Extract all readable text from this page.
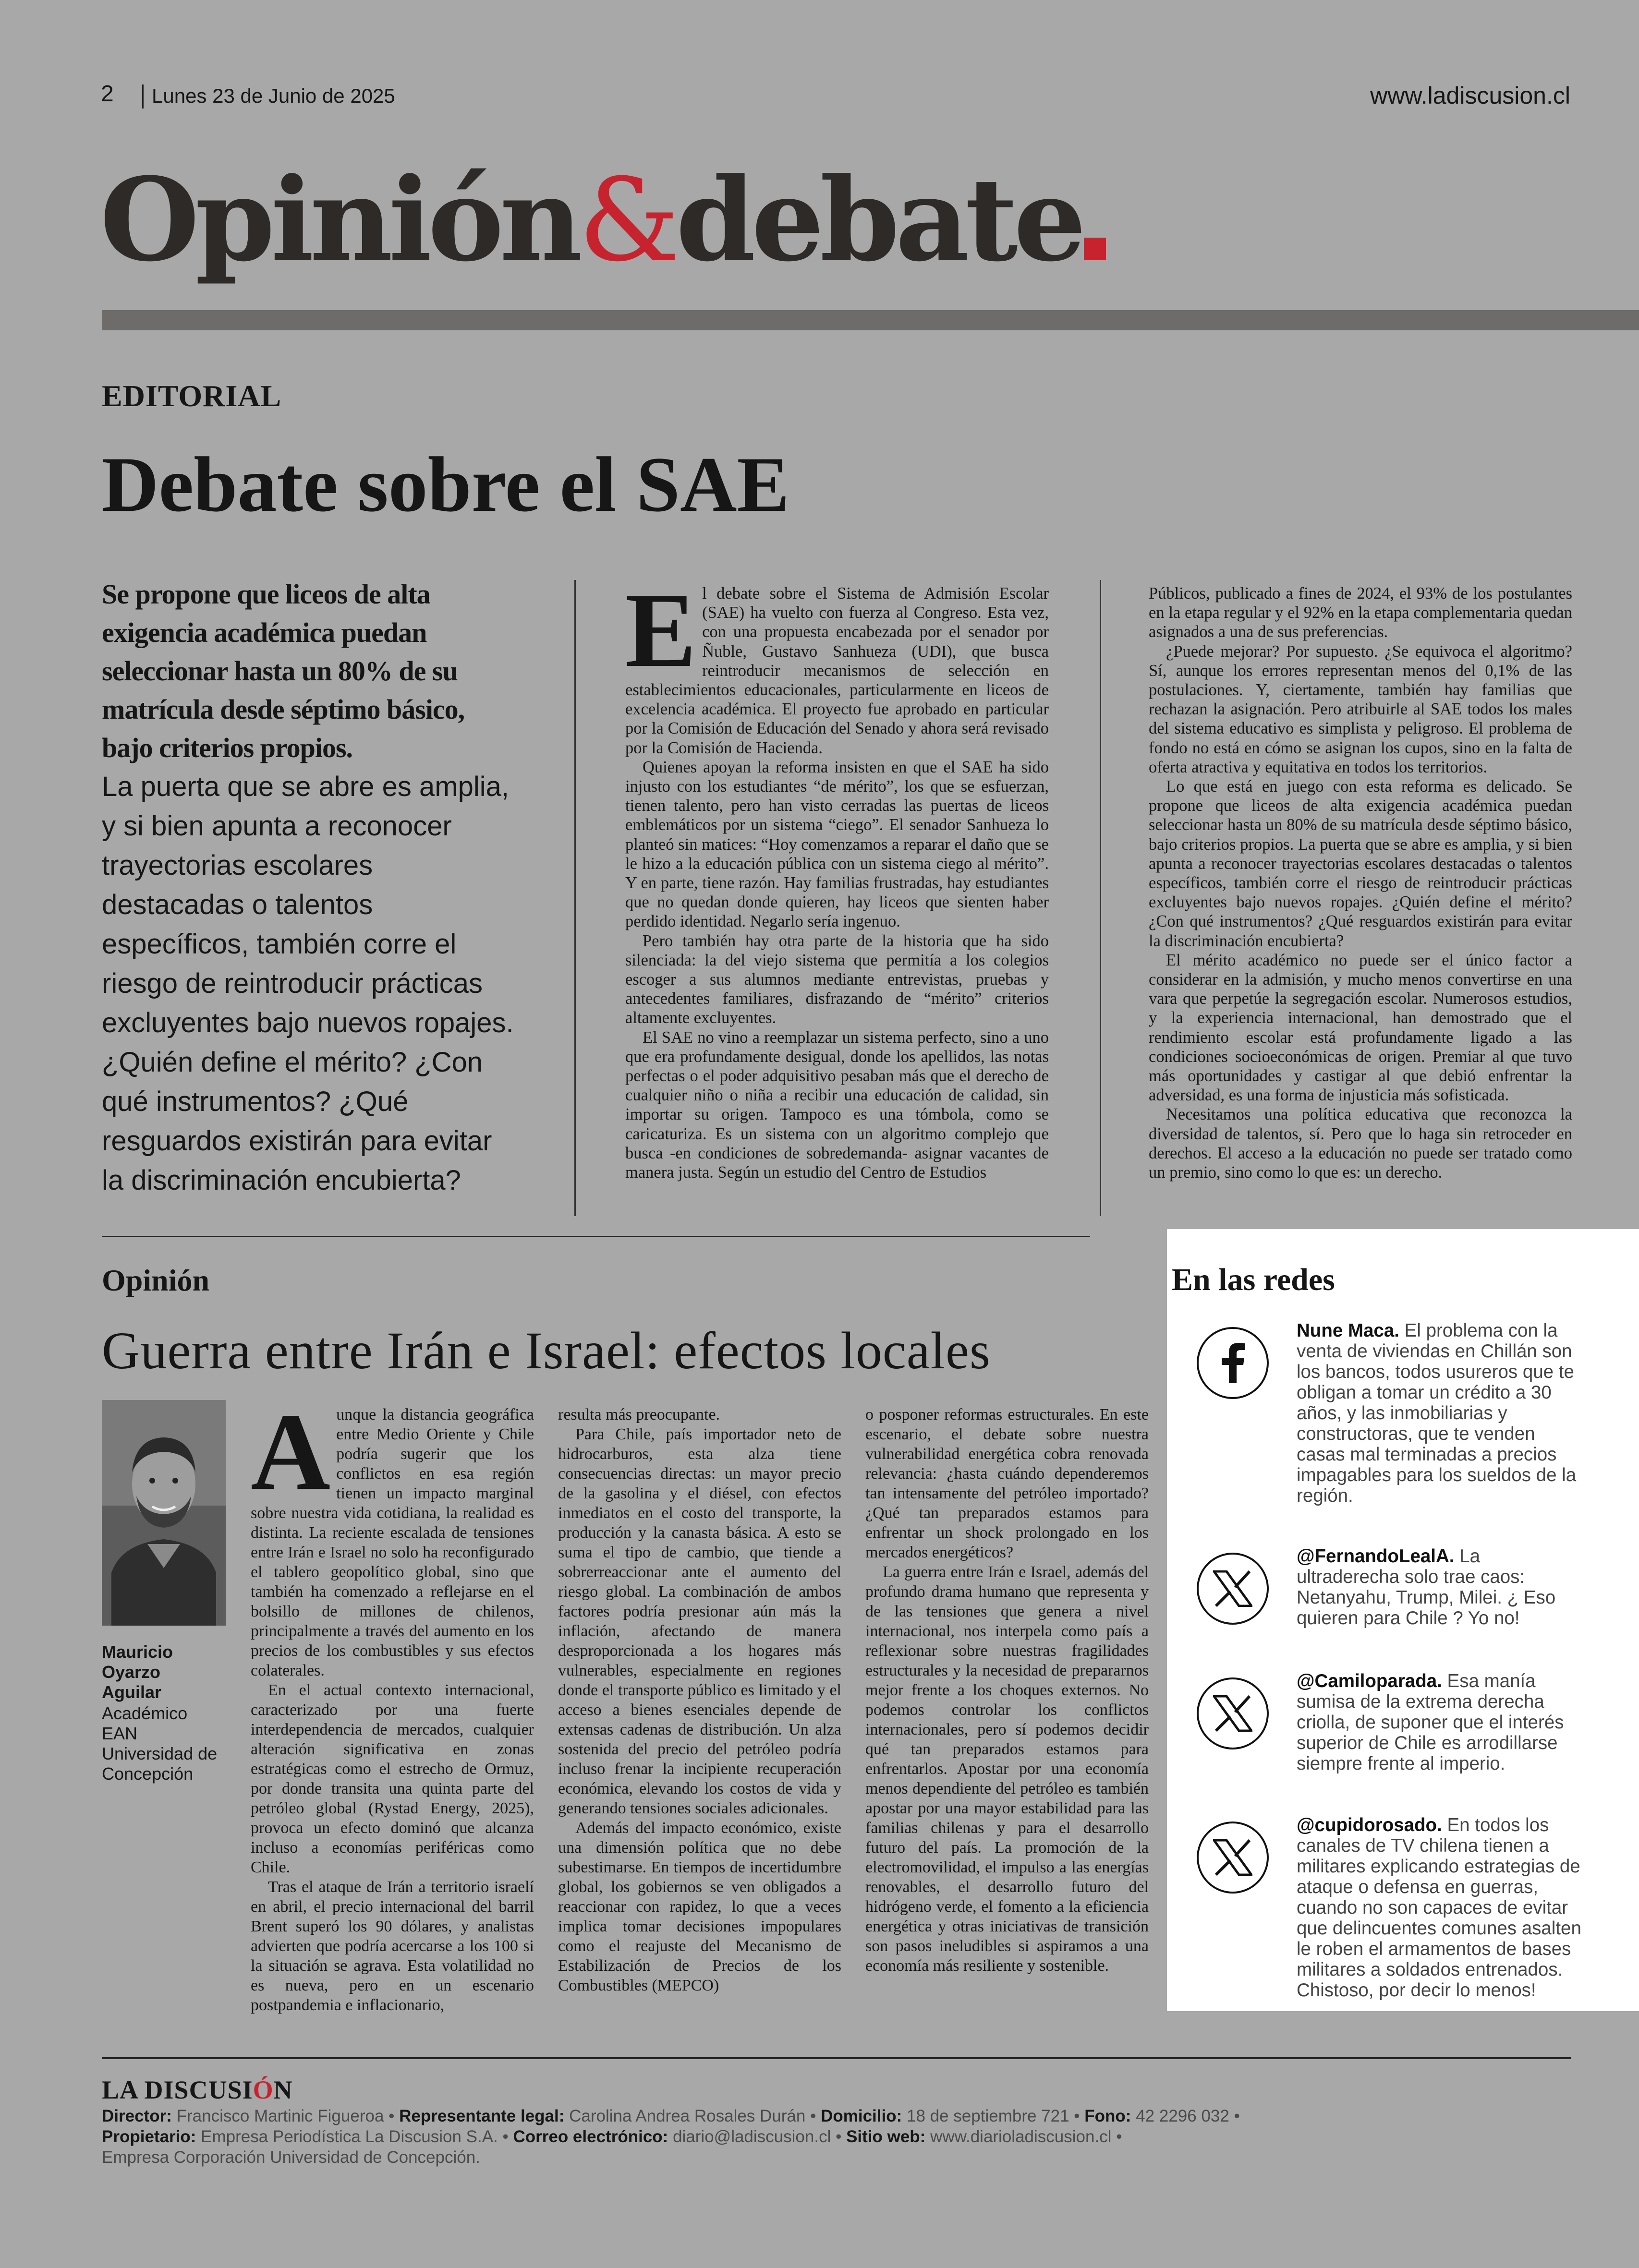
2 Lunes 23 de Junio de 2025	www.ladiscusion.cl
Opinión&debate
EDITORIAL
Debate sobre el SAE
Se propone que liceos de alta exigencia académica puedan seleccionar hasta un 80% de su matrícula desde séptimo básico, bajo criterios propios.
La puerta que se abre es amplia, y si bien apunta a reconocer trayectorias escolares destacadas o talentos específicos, también corre el riesgo de reintroducir prácticas excluyentes bajo nuevos ropajes. ¿Quién define el mérito? ¿Con qué instrumentos? ¿Qué resguardos existirán para evitar la discriminación encubierta?
E l debate sobre el Sistema de Admisión Escolar (SAE) ha vuelto con fuerza al Congreso. Esta vez, con una propuesta encabezada por el senador por Ñuble, Gustavo Sanhueza (UDI), que busca reintroducir mecanismos de selección en establecimientos educacionales, particularmente en liceos de excelencia académica. El proyecto fue aprobado en particular por la Comisión de Educación del Senado y ahora será revisado por la Comisión de Hacienda.

Quienes apoyan la reforma insisten en que el SAE ha sido injusto con los estudiantes “de mérito”, los que se esfuerzan, tienen talento, pero han visto cerradas las puertas de liceos emblemáticos por un sistema “ciego”. El senador Sanhueza lo planteó sin matices: “Hoy comenzamos a reparar el daño que se le hizo a la educación pública con un sistema ciego al mérito”. Y en parte, tiene razón. Hay familias frustradas, hay estudiantes que no quedan donde quieren, hay liceos que sienten haber perdido identidad. Negarlo sería ingenuo.

Pero también hay otra parte de la historia que ha sido silenciada: la del viejo sistema que permitía a los colegios escoger a sus alumnos mediante entrevistas, pruebas y antecedentes familiares, disfrazando de “mérito” criterios altamente excluyentes.

El SAE no vino a reemplazar un sistema perfecto, sino a uno que era profundamente desigual, donde los apellidos, las notas perfectas o el poder adquisitivo pesaban más que el derecho de cualquier niño o niña a recibir una educación de calidad, sin importar su origen. Tampoco es una tómbola, como se caricaturiza. Es un sistema con un algoritmo complejo que busca -en condiciones de sobredemanda- asignar vacantes de manera justa. Según un estudio del Centro de Estudios

Públicos, publicado a fines de 2024, el 93% de los postulantes en la etapa regular y el 92% en la etapa complementaria quedan asignados a una de sus preferencias.

¿Puede mejorar? Por supuesto. ¿Se equivoca el algoritmo? Sí, aunque los errores representan menos del 0,1% de las postulaciones. Y, ciertamente, también hay familias que rechazan la asignación. Pero atribuirle al SAE todos los males del sistema educativo es simplista y peligroso. El problema de fondo no está en cómo se asignan los cupos, sino en la falta de oferta atractiva y equitativa en todos los territorios.

Lo que está en juego con esta reforma es delicado. Se propone que liceos de alta exigencia académica puedan seleccionar hasta un 80% de su matrícula desde séptimo básico, bajo criterios propios. La puerta que se abre es amplia, y si bien apunta a reconocer trayectorias escolares destacadas o talentos específicos, también corre el riesgo de reintroducir prácticas excluyentes bajo nuevos ropajes. ¿Quién define el mérito? ¿Con qué instrumentos? ¿Qué resguardos existirán para evitar la discriminación encubierta?

El mérito académico no puede ser el único factor a considerar en la admisión, y mucho menos convertirse en una vara que perpetúe la segregación escolar. Numerosos estudios, y la experiencia internacional, han demostrado que el rendimiento escolar está profundamente ligado a las condiciones socioeconómicas de origen. Premiar al que tuvo más oportunidades y castigar al que debió enfrentar la adversidad, es una forma de injusticia más sofisticada.

Necesitamos una política educativa que reconozca la diversidad de talentos, sí. Pero que lo haga sin retroceder en derechos. El acceso a la educación no puede ser tratado como un premio, sino como lo que es: un derecho.

Opinión
Guerra entre Irán e Israel: efectos locales
Mauricio Oyarzo Aguilar
Académico EAN Universidad de Concepción
A unque la distancia geográfica entre Medio Oriente y Chile podría sugerir que los conflictos en esa región tienen un impacto marginal sobre nuestra vida cotidiana, la realidad es distinta. La reciente escalada de tensiones entre Irán e Israel no solo ha reconfigurado el tablero geopolítico global, sino que también ha comenzado a reflejarse en el bolsillo de millones de chilenos, principalmente a través del aumento en los precios de los combustibles y sus efectos colaterales.

En el actual contexto internacional, caracterizado por una fuerte interdependencia de mercados, cualquier alteración significativa en zonas estratégicas como el estrecho de Ormuz, por donde transita una quinta parte del petróleo global (Rystad Energy, 2025), provoca un efecto dominó que alcanza incluso a economías periféricas como Chile.

Tras el ataque de Irán a territorio israelí en abril, el precio internacional del barril Brent superó los 90 dólares, y analistas advierten que podría acercarse a los 100 si la situación se agrava. Esta volatilidad no es nueva, pero en un escenario postpandemia e inflacionario,

resulta más preocupante.

Para Chile, país importador neto de hidrocarburos, esta alza tiene consecuencias directas: un mayor precio de la gasolina y el diésel, con efectos inmediatos en el costo del transporte, la producción y la canasta básica. A esto se suma el tipo de cambio, que tiende a sobrerreaccionar ante el aumento del riesgo global. La combinación de ambos factores podría presionar aún más la inflación, afectando de manera desproporcionada a los hogares más vulnerables, especialmente en regiones donde el transporte público es limitado y el acceso a bienes esenciales depende de extensas cadenas de distribución. Un alza sostenida del precio del petróleo podría incluso frenar la incipiente recuperación económica, elevando los costos de vida y generando tensiones sociales adicionales.

Además del impacto económico, existe una dimensión política que no debe subestimarse. En tiempos de incertidumbre global, los gobiernos se ven obligados a reaccionar con rapidez, lo que a veces implica tomar decisiones impopulares como el reajuste del Mecanismo de Estabilización de Precios de los Combustibles (MEPCO)

o posponer reformas estructurales. En este escenario, el debate sobre nuestra vulnerabilidad energética cobra renovada relevancia: ¿hasta cuándo dependeremos tan intensamente del petróleo importado? ¿Qué tan preparados estamos para enfrentar un shock prolongado en los mercados energéticos?

La guerra entre Irán e Israel, además del profundo drama humano que representa y de las tensiones que genera a nivel internacional, nos interpela como país a reflexionar sobre nuestras fragilidades estructurales y la necesidad de prepararnos mejor frente a los choques externos. No podemos controlar los conflictos internacionales, pero sí podemos decidir qué tan preparados estamos para enfrentarlos. Apostar por una economía menos dependiente del petróleo es también apostar por una mayor estabilidad para las familias chilenas y para el desarrollo futuro del país. La promoción de la electromovilidad, el impulso a las energías renovables, el desarrollo futuro del hidrógeno verde, el fomento a la eficiencia energética y otras iniciativas de transición son pasos ineludibles si aspiramos a una economía más resiliente y sostenible.

En las redes
Nune Maca. El problema con la venta de viviendas en Chillán son los bancos, todos usureros que te obligan a tomar un crédito a 30 años, y las inmobiliarias y constructoras, que te venden casas mal terminadas a precios impagables para los sueldos de la región.
@FernandoLealA. La ultraderecha solo trae caos: Netanyahu, Trump, Milei. ¿ Eso quieren para Chile ? Yo no!
@Camiloparada. Esa manía sumisa de la extrema derecha criolla, de suponer que el interés superior de Chile es arrodillarse siempre frente al imperio.
@cupidorosado. En todos los canales de TV chilena tienen a militares explicando estrategias de ataque o defensa en guerras, cuando no son capaces de evitar que delincuentes comunes asalten le roben el armamentos de bases militares a soldados entrenados. Chistoso, por decir lo menos!
LA DISCUSIÓN
Director: Francisco Martinic Figueroa • Representante legal: Carolina Andrea Rosales Durán • Domicilio: 18 de septiembre 721 • Fono: 42 2296 032 •
Propietario: Empresa Periodística La Discusion S.A. • Correo electrónico: diario@ladiscusion.cl • Sitio web: www.diarioladiscusion.cl •
Empresa Corporación Universidad de Concepción.
